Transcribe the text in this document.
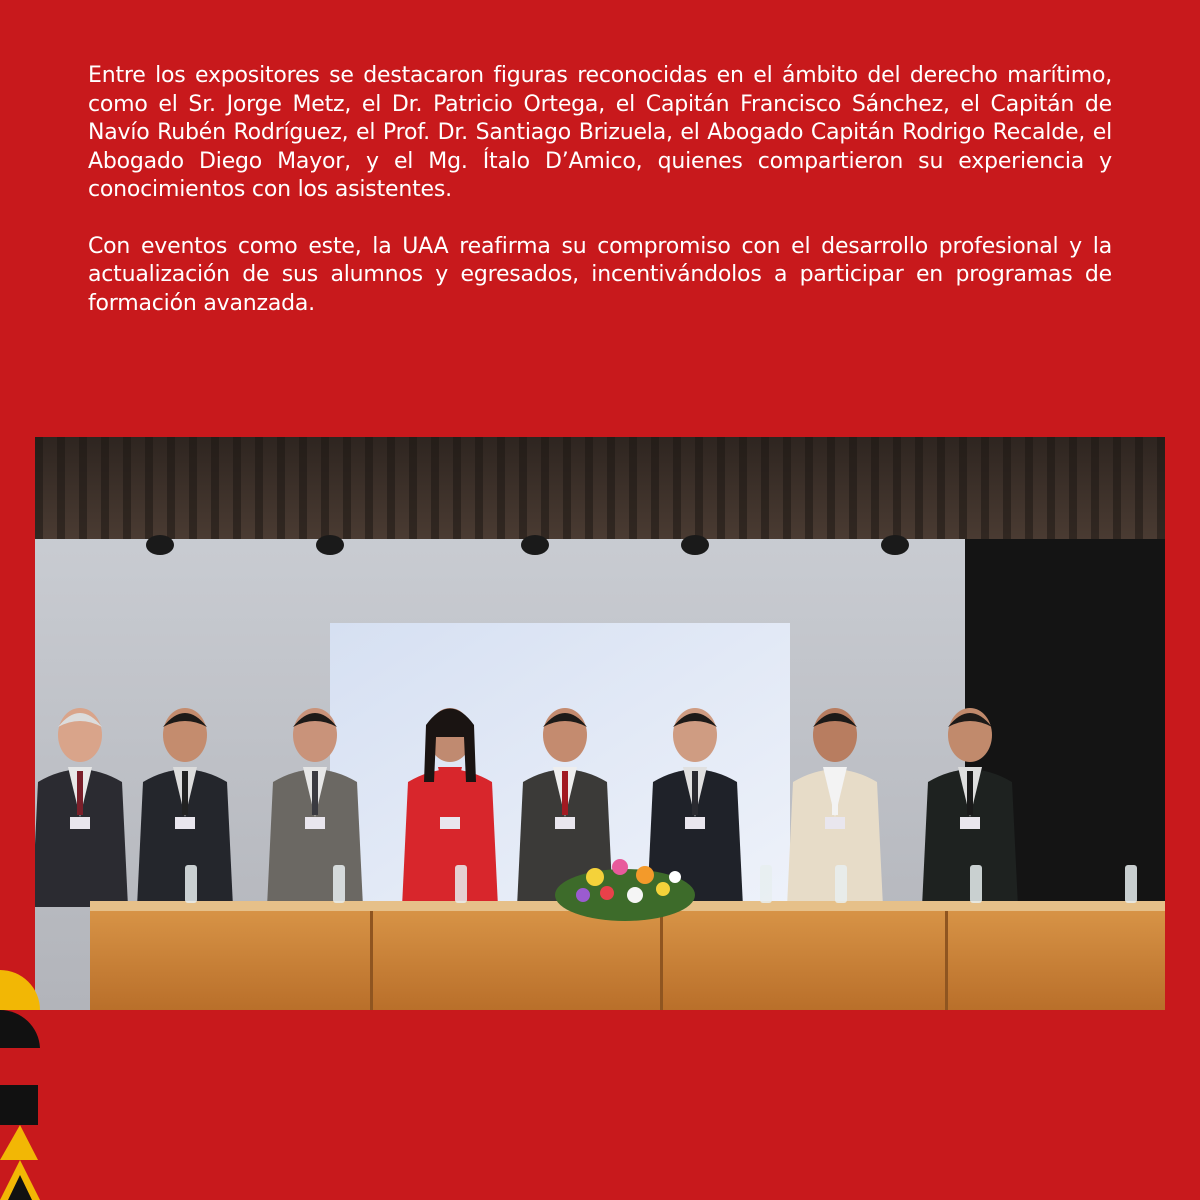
Entre los expositores se destacaron figuras reconocidas en el ámbito del derecho marítimo, como el Sr. Jorge Metz, el Dr. Patricio Ortega, el Capitán Francisco Sánchez, el Capitán de Navío Rubén Rodríguez, el Prof. Dr. Santiago Brizuela, el Abogado Capitán Rodrigo Recalde, el Abogado Diego Mayor, y el Mg. Ítalo D’Amico, quienes compartieron su experiencia y conocimientos con los asistentes.

Con eventos como este, la UAA reafirma su compromiso con el desarrollo profesional y la actualización de sus alumnos y egresados, incentivándolos a participar en programas de formación avanzada.
